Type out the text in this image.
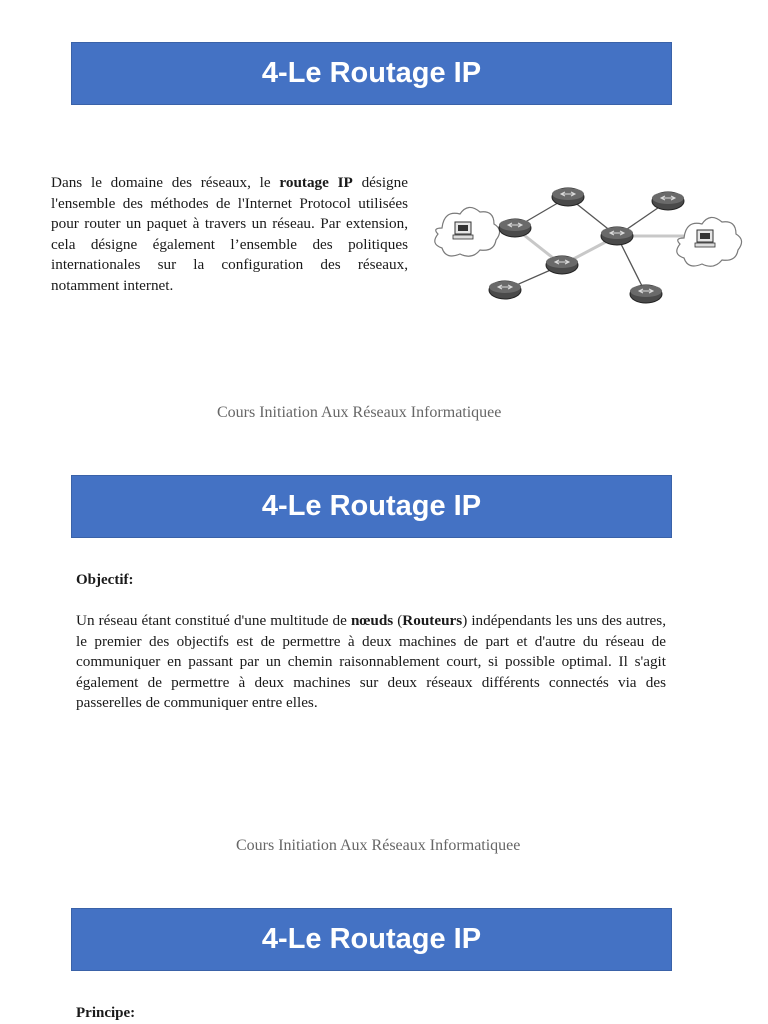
4-Le Routage IP

Dans le domaine des réseaux, le routage IP désigne l'ensemble des méthodes de l'Internet Protocol utilisées pour router un paquet à travers un réseau. Par extension, cela désigne également l’ensemble des politiques internationales sur la configuration des réseaux, notamment internet.

Cours Initiation Aux Réseaux Informatiquee
4-Le Routage IP

Objectif:

Un réseau étant constitué d'une multitude de nœuds (Routeurs) indépendants les uns des autres, le premier des objectifs est de permettre à deux machines de part et d'autre du réseau de communiquer en passant par un chemin raisonnablement court, si possible optimal. Il s'agit également de permettre à deux machines sur deux réseaux différents connectés via des passerelles de communiquer entre elles.

Cours Initiation Aux Réseaux Informatiquee
4-Le Routage IP

Principe:
